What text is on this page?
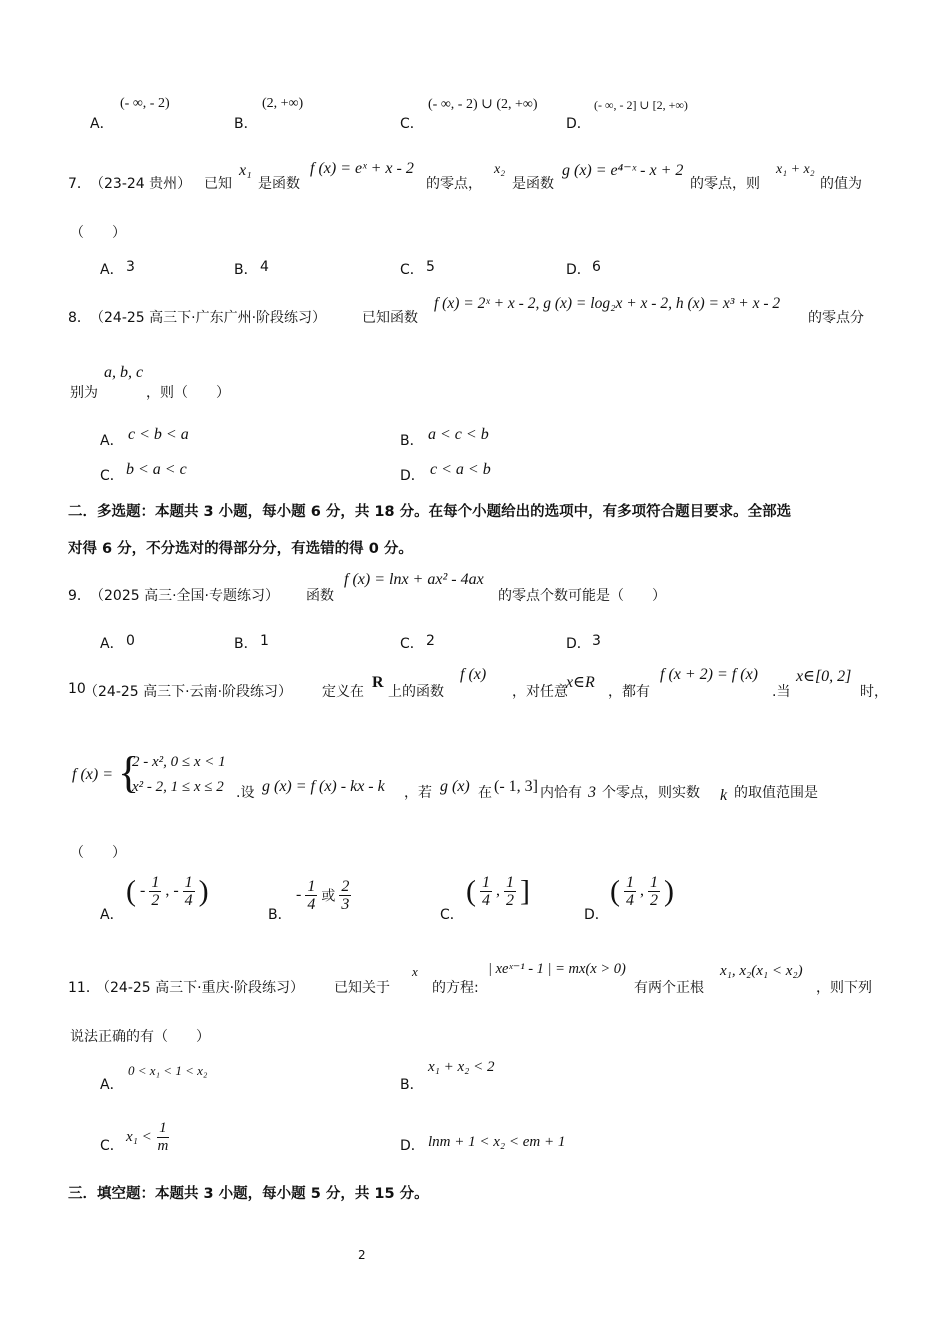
A．
(- ∞, - 2)
B．
(2, +∞)
C．
(- ∞, - 2) ∪ (2, +∞)
D．
(- ∞, - 2] ∪ [2, +∞)
7． （23-24 贵州） 已知
x₁
是函数
f (x) = eˣ + x - 2
的零点，
x₂
是函数
g (x) = e⁴⁻ˣ - x + 2
的零点，则
x₁ + x₂
的值为
（　　）
A． 3	B． 4	C． 5	D． 6
8． （24-25 高三下·广东广州·阶段练习）	已知函数
f (x) = 2ˣ + x - 2, g (x) = log₂x + x - 2, h (x) = x³ + x - 2
的零点分
别为
a, b, c
，则（　　）
A． c < b < a	B． a < c < b
C． b < a < c	D． c < a < b
二．多选题：本题共 3 小题，每小题 6 分，共 18 分。在每个小题给出的选项中，有多项符合题目要求。全部选
对得 6 分，不分选对的得部分分，有选错的得 0 分。
9． （2025 高三·全国·专题练习） 函数
f (x) = lnx + ax² - 4ax
的零点个数可能是（　　）
A． 0	B． 1	C． 2	D． 3
10
（24-25 高三下·云南·阶段练习） 定义在
R
上的函数
f (x)
，对任意
x∈R
，都有
f (x + 2) = f (x)
.当
x∈[0, 2]
时，
f (x) = {
2 - x², 0 ≤ x < 1
x² - 2, 1 ≤ x ≤ 2 .设 g (x) = f (x) - kx - k ，若 g (x) 在 (- 1, 3] 内恰有 3 个零点，则实数 k 的取值范围是
（　　）
A．
( - $\frac{1}{2}$ , - $\frac{1}{4}$ )
B．
- $\frac{1}{4}$ 或 $\frac{2}{3}$
C．
( $\frac{1}{4}$ , $\frac{1}{2}$ ]
D．
( $\frac{1}{4}$ , $\frac{1}{2}$ )
11．
（24-25 高三下·重庆·阶段练习） 已知关于
x
的方程:
| xeˣ⁻¹ - 1 | = mx(x > 0)
有两个正根
x₁, x₂(x₁ < x₂)
，则下列
说法正确的有（　　）
A．
0 < x₁ < 1 < x₂
B．
x₁ + x₂ < 2
C．
$x_1 < \frac{1}{m}$	D． lnm + 1 < x₂ < em + 1
三．填空题：本题共 3 小题，每小题 5 分，共 15 分。
2
